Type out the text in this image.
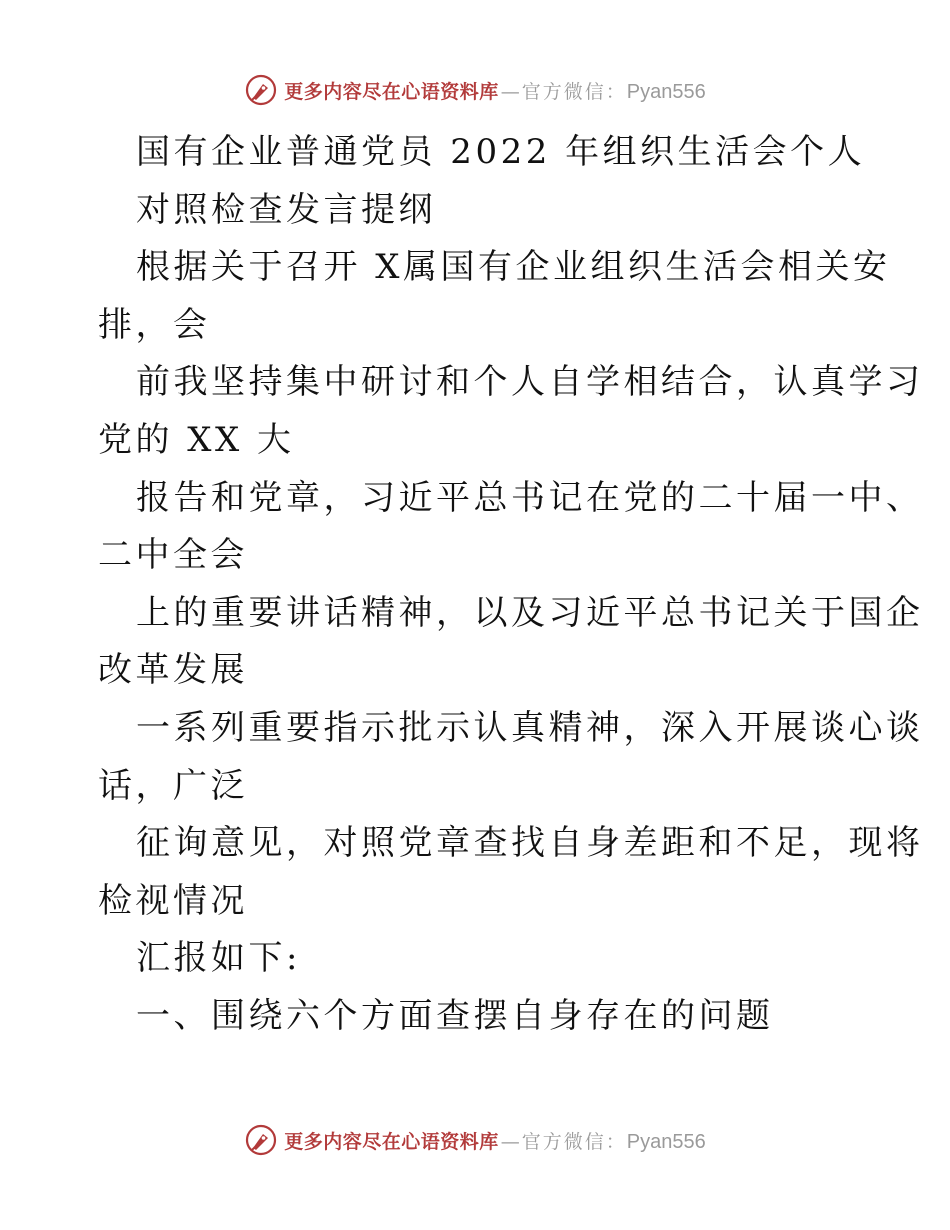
更多内容尽在心语资料库 — 官方微信： Pyan556
国有企业普通党员 2022 年组织生活会个人
对照检查发言提纲
根据关于召开 X属国有企业组织生活会相关安
排，会
前我坚持集中研讨和个人自学相结合，认真学习
党的 XX 大
报告和党章，习近平总书记在党的二十届一中、
二中全会
上的重要讲话精神，以及习近平总书记关于国企
改革发展
一系列重要指示批示认真精神，深入开展谈心谈
话，广泛
征询意见，对照党章查找自身差距和不足，现将
检视情况
汇报如下:
一、围绕六个方面查摆自身存在的问题
更多内容尽在心语资料库 — 官方微信： Pyan556
